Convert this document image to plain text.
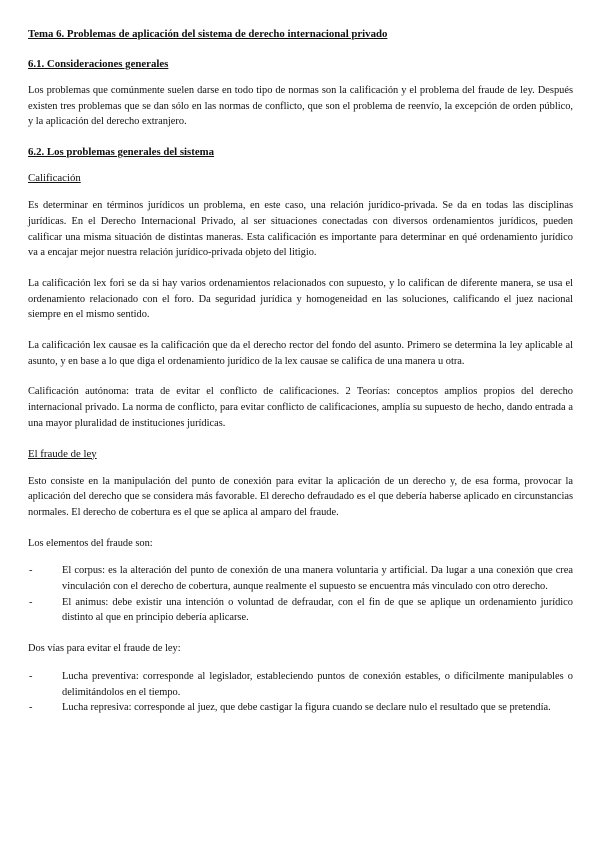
Tema 6. Problemas de aplicación del sistema de derecho internacional privado
6.1. Consideraciones generales

Los problemas que comúnmente suelen darse en todo tipo de normas son la calificación y el problema del fraude de ley. Después existen tres problemas que se dan sólo en las normas de conflicto, que son el problema de reenvío, la excepción de orden público, y la aplicación del derecho extranjero.

6.2. Los problemas generales del sistema
Calificación

Es determinar en términos jurídicos un problema, en este caso, una relación jurídico-privada. Se da en todas las disciplinas jurídicas. En el Derecho Internacional Privado, al ser situaciones conectadas con diversos ordenamientos jurídicos, pueden calificar una misma situación de distintas maneras. Esta calificación es importante para determinar en qué ordenamiento jurídico va a encajar mejor nuestra relación jurídico-privada objeto del litigio.

La calificación lex fori se da si hay varios ordenamientos relacionados con supuesto, y lo califican de diferente manera, se usa el ordenamiento relacionado con el foro. Da seguridad jurídica y homogeneidad en las soluciones, calificando el juez nacional siempre en el mismo sentido.

La calificación lex causae es la calificación que da el derecho rector del fondo del asunto. Primero se determina la ley aplicable al asunto, y en base a lo que diga el ordenamiento jurídico de la lex causae se califica de una manera u otra.

Calificación autónoma: trata de evitar el conflicto de calificaciones. 2 Teorías: conceptos amplios propios del derecho internacional privado. La norma de conflicto, para evitar conflicto de calificaciones, amplía su supuesto de hecho, dando entrada a una mayor pluralidad de instituciones jurídicas.

El fraude de ley

Esto consiste en la manipulación del punto de conexión para evitar la aplicación de un derecho y, de esa forma, provocar la aplicación del derecho que se considera más favorable. El derecho defraudado es el que debería haberse aplicado en circunstancias normales. El derecho de cobertura es el que se aplica al amparo del fraude.

Los elementos del fraude son:

-	El corpus: es la alteración del punto de conexión de una manera voluntaria y artificial. Da lugar a una conexión que crea vinculación con el derecho de cobertura, aunque realmente el supuesto se encuentra más vinculado con otro derecho.
-	El animus: debe existir una intención o voluntad de defraudar, con el fin de que se aplique un ordenamiento jurídico distinto al que en principio debería aplicarse.

Dos vías para evitar el fraude de ley:

-	Lucha preventiva: corresponde al legislador, estableciendo puntos de conexión estables, o difícilmente manipulables o delimitándolos en el tiempo.
-	Lucha represiva: corresponde al juez, que debe castigar la figura cuando se declare nulo el resultado que se pretendía.
